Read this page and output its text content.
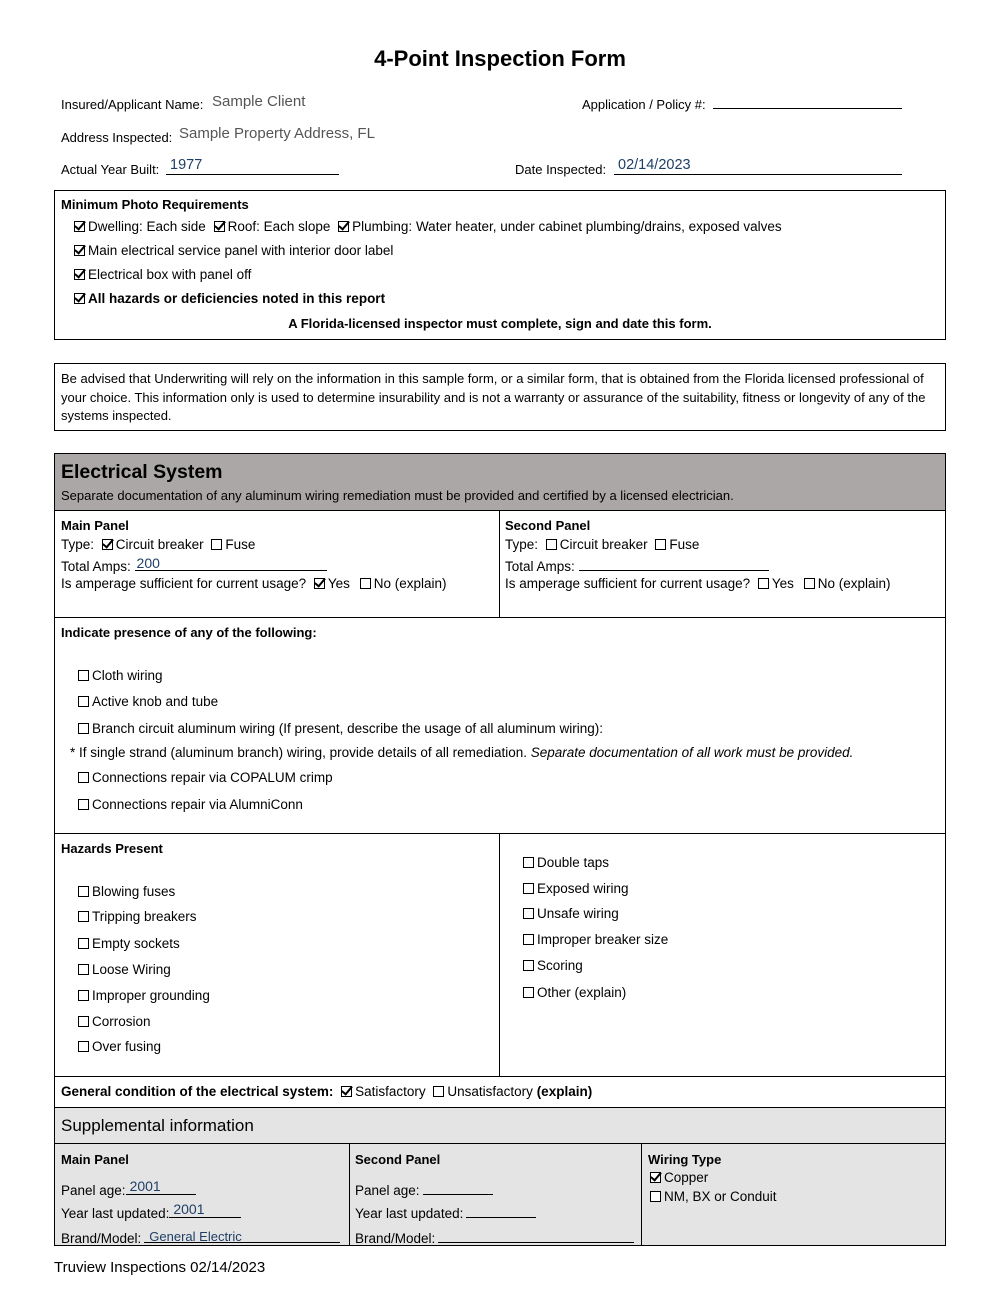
4-Point Inspection Form
Insured/Applicant Name: Sample Client	Application / Policy #:
Address Inspected: Sample Property Address, FL
Actual Year Built: 1977	Date Inspected: 02/14/2023
Minimum Photo Requirements
Dwelling: Each side Roof: Each slope Plumbing: Water heater, under cabinet plumbing/drains, exposed valves
Main electrical service panel with interior door label
Electrical box with panel off
All hazards or deficiencies noted in this report
A Florida-licensed inspector must complete, sign and date this form.
Be advised that Underwriting will rely on the information in this sample form, or a similar form, that is obtained from the Florida licensed professional of your choice. This information only is used to determine insurability and is not a warranty or assurance of the suitability, fitness or longevity of any of the systems inspected.
Electrical System
Separate documentation of any aluminum wiring remediation must be provided and certified by a licensed electrician.
Main Panel
Type: Circuit breaker Fuse
Total Amps: 200
Is amperage sufficient for current usage? Yes No (explain)
Second Panel
Type: Circuit breaker Fuse
Total Amps:
Is amperage sufficient for current usage? Yes No (explain)
Indicate presence of any of the following:
Cloth wiring
Active knob and tube
Branch circuit aluminum wiring (If present, describe the usage of all aluminum wiring):
* If single strand (aluminum branch) wiring, provide details of all remediation. Separate documentation of all work must be provided.
Connections repair via COPALUM crimp
Connections repair via AlumniConn
Hazards Present
Blowing fuses
Tripping breakers
Empty sockets
Loose Wiring
Improper grounding
Corrosion
Over fusing
Double taps
Exposed wiring
Unsafe wiring
Improper breaker size
Scoring
Other (explain)
General condition of the electrical system: Satisfactory Unsatisfactory (explain)
Supplemental information
Main Panel
Panel age: 2001
Year last updated: 2001
Brand/Model: General Electric
Second Panel
Panel age:
Year last updated:
Brand/Model:
Wiring Type
Copper
NM, BX or Conduit
Truview Inspections 02/14/2023
